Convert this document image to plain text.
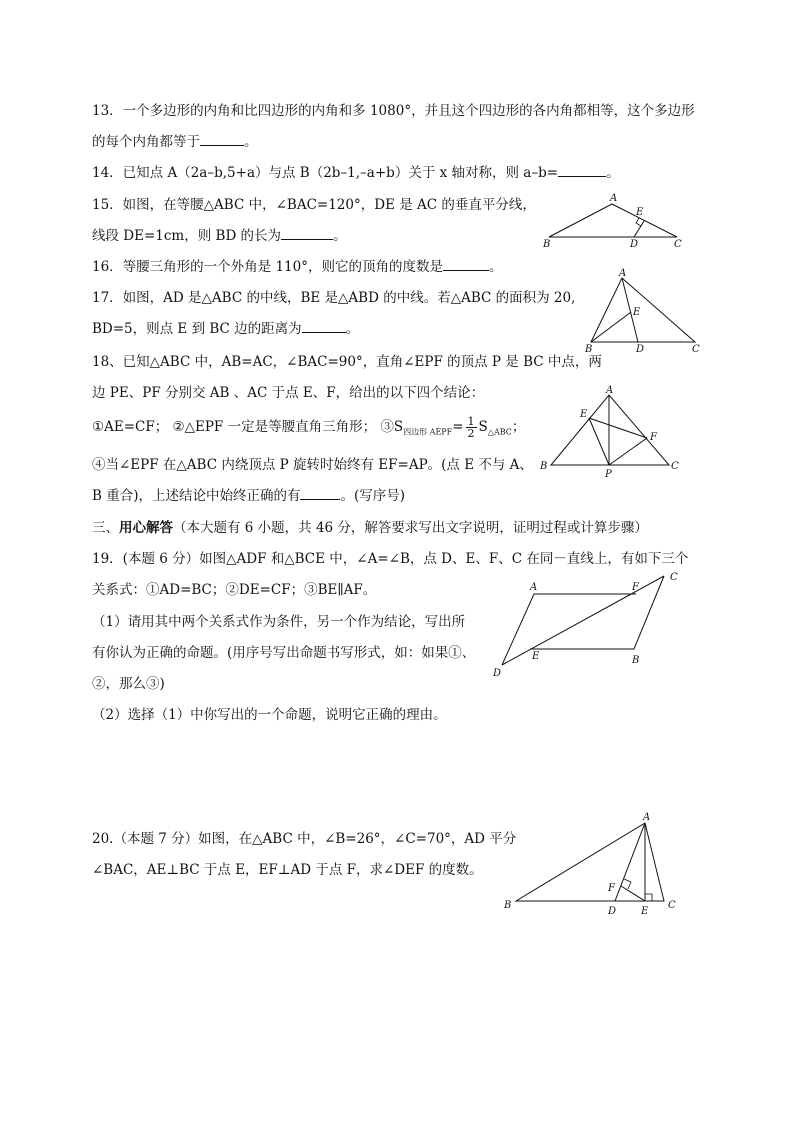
13．一个多边形的内角和比四边形的内角和多 1080°，并且这个四边形的各内角都相等，这个多边形
的每个内角都等于	。
14．已知点 A（2a–b,5+a）与点 B（2b–1,–a+b）关于 x 轴对称，则 a–b=	。
15．如图，在等腰△ABC 中，∠BAC=120°，DE 是 AC 的垂直平分线，
线段 DE=1cm，则 BD 的长为	。
A
B	C
D
E
16．等腰三角形的一个外角是 110°，则它的顶角的度数是	。
17．如图，AD 是△ABC 的中线，BE 是△ABD 的中线。若△ABC 的面积为 20,
BD=5，则点 E 到 BC 边的距离为	。
A
B	C
D
E
18、已知△ABC 中，AB=AC，∠BAC=90°，直角∠EPF 的顶点 P 是 BC 中点，两
边 PE、PF 分别交 AB 、AC 于点 E、F，给出的以下四个结论：
①AE=CF； ②△EPF 一定是等腰直角三角形； $③S_{四边形 AEPF}= \frac{1}{2} S_{\triangle ABC}$；
④当∠EPF 在△ABC 内绕顶点 P 旋转时始终有 EF=AP。(点 E 不与 A、
B 重合)，上述结论中始终正确的有	。(写序号)
A
B	C
E
F
P
三、用心解答（本大题有 6 小题，共 46 分，解答要求写出文字说明，证明过程或计算步骤）
19．(本题 6 分）如图△ADF 和△BCE 中，∠A=∠B，点 D、E、F、C 在同－直线上，有如下三个
关系式：①AD=BC；②DE=CF；③BE∥AF。
（1）请用其中两个关系式作为条件，另一个作为结论，写出所
有你认为正确的命题。(用序号写出命题书写形式，如：如果①、
②，那么③)
（2）选择（1）中你写出的一个命题，说明它正确的理由。
A
B
C
D
E
F
20.（本题 7 分）如图，在△ABC 中，∠B=26°，∠C=70°，AD 平分
∠BAC，AE⊥BC 于点 E，EF⊥AD 于点 F，求∠DEF 的度数。
A
B	C
D E
F
